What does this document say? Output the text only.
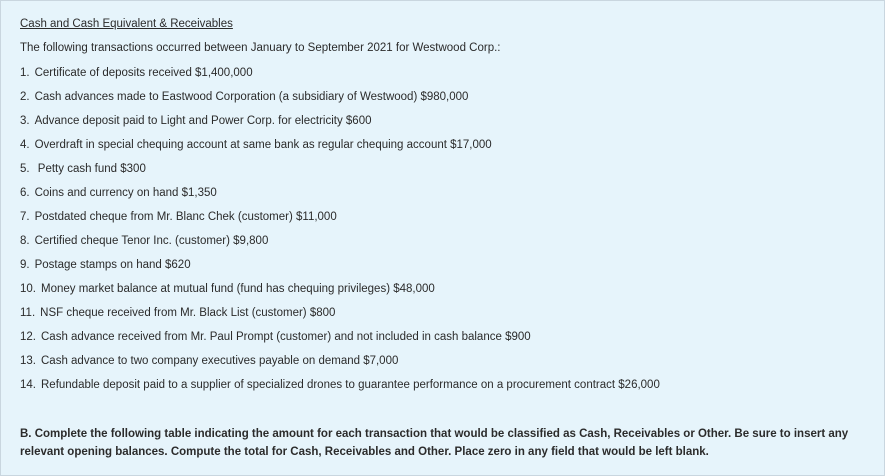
Cash and Cash Equivalent & Receivables
The following transactions occurred between January to September 2021 for Westwood Corp.:
1. Certificate of deposits received $1,400,000
2. Cash advances made to Eastwood Corporation (a subsidiary of Westwood) $980,000
3. Advance deposit paid to Light and Power Corp. for electricity $600
4. Overdraft in special chequing account at same bank as regular chequing account $17,000
5. Petty cash fund $300
6. Coins and currency on hand $1,350
7. Postdated cheque from Mr. Blanc Chek (customer) $11,000
8. Certified cheque Tenor Inc. (customer) $9,800
9. Postage stamps on hand $620
10. Money market balance at mutual fund (fund has chequing privileges) $48,000
11. NSF cheque received from Mr. Black List (customer) $800
12. Cash advance received from Mr. Paul Prompt (customer) and not included in cash balance $900
13. Cash advance to two company executives payable on demand $7,000
14. Refundable deposit paid to a supplier of specialized drones to guarantee performance on a procurement contract $26,000
B. Complete the following table indicating the amount for each transaction that would be classified as Cash, Receivables or Other. Be sure to insert any relevant opening balances. Compute the total for Cash, Receivables and Other. Place zero in any field that would be left blank.
